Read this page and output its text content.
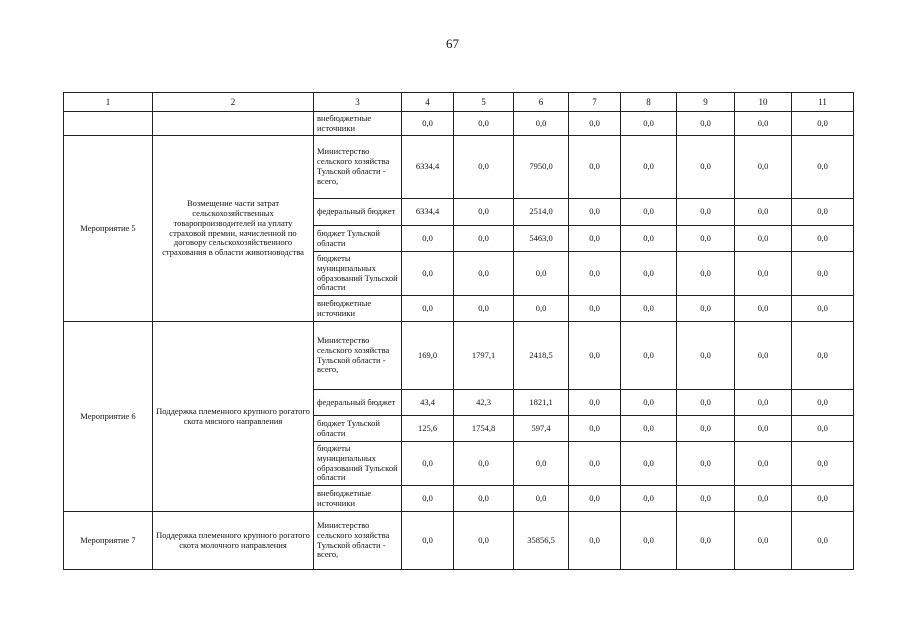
67
1	2	3	4	5	6	7	8	9	10	11
		внебюджетные источники	0,0	0,0	0,0	0,0	0,0	0,0	0,0	0,0
Мероприятие 5	Возмещение части затрат сельскохозяйственных товаропроизводителей на уплату страховой премии, начисленной по договору сельскохозяйственного страхования в области животноводства	Министерство сельского хозяйства Тульской области - всего,	6334,4	0,0	7950,0	0,0	0,0	0,0	0,0	0,0
		федеральный бюджет	6334,4	0,0	2514,0	0,0	0,0	0,0	0,0	0,0
		бюджет Тульской области	0,0	0,0	5463,0	0,0	0,0	0,0	0,0	0,0
		бюджеты муниципальных образований Тульской области	0,0	0,0	0,0	0,0	0,0	0,0	0,0	0,0
		внебюджетные источники	0,0	0,0	0,0	0,0	0,0	0,0	0,0	0,0
Мероприятие 6	Поддержка племенного крупного рогатого скота мясного направления	Министерство сельского хозяйства Тульской области - всего,	169,0	1797,1	2418,5	0,0	0,0	0,0	0,0	0,0
		федеральный бюджет	43,4	42,3	1821,1	0,0	0,0	0,0	0,0	0,0
		бюджет Тульской области	125,6	1754,8	597,4	0,0	0,0	0,0	0,0	0,0
		бюджеты муниципальных образований Тульской области	0,0	0,0	0,0	0,0	0,0	0,0	0,0	0,0
		внебюджетные источники	0,0	0,0	0,0	0,0	0,0	0,0	0,0	0,0
Мероприятие 7	Поддержка племенного крупного рогатого скота молочного направления	Министерство сельского хозяйства Тульской области - всего,	0,0	0,0	35856,5	0,0	0,0	0,0	0,0	0,0
